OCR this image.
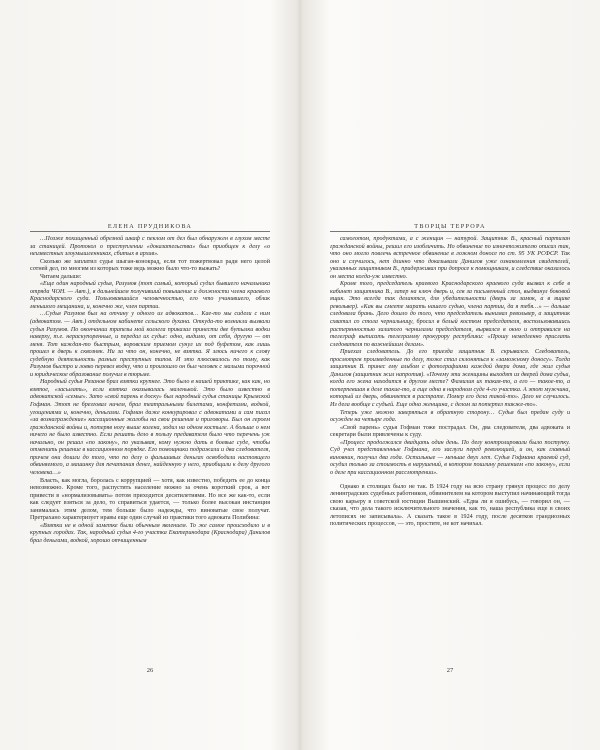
ЕЛЕНА ПРУДНИКОВА

…Позже похищенный обрезной шкаф с пеклом от дел был обнаружен в глухом месте за станицей. Протокол о преступлении «доказательства» был приобщен к делу «о неизвестных злоумышленниках, сбитых в архив».

Сколько же заплатил судье шыган-конокрад, если тот пожертвовал ради него целой сотней дел, по многим из которых тоже ведь можно было что-то выжать?

Читаем дальше:

«Еще один народный судья, Разумов (тот самый, который судил бывшего начальника отряда ЧОН. — Авт.), в дальнейшем получивший повышение и должности члена краевого Краснодарского суда. Пользовавшийся человечностью, его что учинившего, облик меньшого мещанина, и, конечно же, член партии.

…Судья Разумов был на отчину у одного из адвокатов… Кае-то мы сидели с ним (адвокатом. — Авт.) отдельном кабинете сельского духана. Откуда-то возникли вызвали судья Разумов. По окончании трапезы мой коллега приказал принести две бутылки водки наверху, т.е. нераскупоренные, и передал их судье: одно, видимо, от себя, другую — от меня. Тот каждая-то быстрым, воровским приемом сунул их под буфетом, как лишь прошел в дверь к сквозняк. Ни за что он, конечно, не взятка. Я злюсь ничего к слову судебную деятельность разных преступных типов. И это плюсовалось по тому, как Разумов быстро и ловко перевел водку, что и произошло он был человек с малыми порочной и юридическое образование получил в тюрьме.

Народный судья Рязанов брал взятки крупнее. Это было в нашей практике, как как, но взятое, «засылать», если взятка оказывалась маленькой. Это было известно в адвокатской «семье». Зато «свой парень в доску» был народный судья станицы Крымской Гофман. Этот не брезговал ничем, брал театральными билетами, конфетами, водкой, угощениями и, конечно, деньгами. Гофман даже конкурировал с адвокатами и сам писал «за вознаграждение» кассационные жалобы на свои решения и приговоры. Был он героем гражданской войны и, потеряв ногу выше колена, ходил на одном костыле. А больше о нем ничего не было известно. Если решать дело в пользу предавателя было что перечень уж начально, он решал «по закону», по указывая, кому нужно дать в боевые суде, чтобы отменить решение в кассационном порядке. Его помощники подражали и два следователя, причем они дошли до того, что по делу о фальшивых деньгах освободили настоящего обвиняемого, а машинку для печатания денег, найденную у него, приобщили к делу другого человека…»

Власть, как могла, боролась с коррупцией — хотя, как известно, победить ее до конца невозможно. Кроме того, распустить население можно за очень короткий срок, а вот привести в «нормализовывать» потом приходится десятилетиями. Но все же как-то, если как следует взяться за дело, то справиться удается, — только более высокая инстанция занималась этим делом, тем больше было надежды, что виноватые свое получат. Претрахано характеризует нравы еще один случай из практики того адвоката Полибина:

«Взятки не в одной заметке были обычным явлением. То же самое происходило и в крупных городах. Так, народный судья 4-го участка Екатеринодара (Краснодара) Данилов брал деньгами, водкой, хорошо отчищенным

26
ТВОРЦЫ ТЕРРОРА

самоготом, продуктами, а с женщин — натурой. Защитник В., красный партизан гражданской войны, решил его изобличить. Но обвинение по изничтожителю описал так, что оно могло повлечь встречное обвинение в ложном доносе по ст. 95 УК РСФСР. Так оно и случилось, нет длинно что доказывали Данилов уже ознакомления свидетелей, указанных защитником В., придерживал при допросе к помощникам, и следствие оказалось он места когда-уж известно.

Кроме того, председатель краевого Краснодарского краевого суда вызвал к себе в кабинет защитника В., запер на ключ дверь и, сев за письменный стол, выдвинул боковой ящик. Это всегда так делаются, для убедительности (дверь за замок, а в ящике револьвер). «Как вы смеете марать нашего судью, члена партии, да я тебя…» — дальше следовала брань. Дело дошло до того, что председатель вынимал револьвер, а защитник схватил со стола чернильницу, бросил в белый костюм председателя, воспользовавшись растерянностью залитого чернилами председателя, вырвался в окно и отправился на телеграф выписать телеграмму прокурору республики: «Прошу немедленно прислать следователя по важнейшим делам».

Приехал следователь. До его приезда защитник В. скрывался. Следователь, просмотрев произведенные по делу, тоже стал склоняться к «заможному доносу». Тогда защитник В. принес ему альбом с фотографиями каждой двери дома, где жил судья Данилов (защитник жил напротив). «Почему эти женщины выходят из дверей дома судьи, когда его жена находится в другом месте? Фамилия их такая-то, а его — такое-то, а потерпевшая в деле такие-то, а еще одна в народном суде 4-го участка. А этот мужчина, который из дверь, обвиняется в растрате. Помер его дела такой-то». Дело не случилось. Из дела вообще с судьей. Еще одна женщина, с делом за потерпел также-то».

Теперь уже можно заверяться в обратную сторону… Судья был предан суду и осужден на четыре года.

«Свой парень» судья Гофман тоже пострадал. Он, два следователя, два адвоката и секретари были привлечены к суду.

«Процесс продолжался двадцать один день. По делу контролировали было поступку. Суд учел представленные Гофмана, его заслуги перед революцией, и он, как главный виновник, получил два года. Остальные — меньше двух лет. Судья Гофмана краевой суд, осудил только за стоимость в нарушений, в котором пошлину решением «по закону», если о деле при кассационном рассмотрении».

Однако в столицах было не так. В 1924 году на всю страну грянул процесс по делу ленинградских судебных работников, обвинителем на котором выступил начинающий тогда свою карьеру в советской юстиции Вышинский. «Едва ли я ошибусь, — говорил он, — сказав, что дела такого исключительного значения, как то, наша республика еще в своих летописях не записывала». А сказать такое в 1924 году, после десятков грандиозных политических процессов, — это, простите, не кот начихал.

27
